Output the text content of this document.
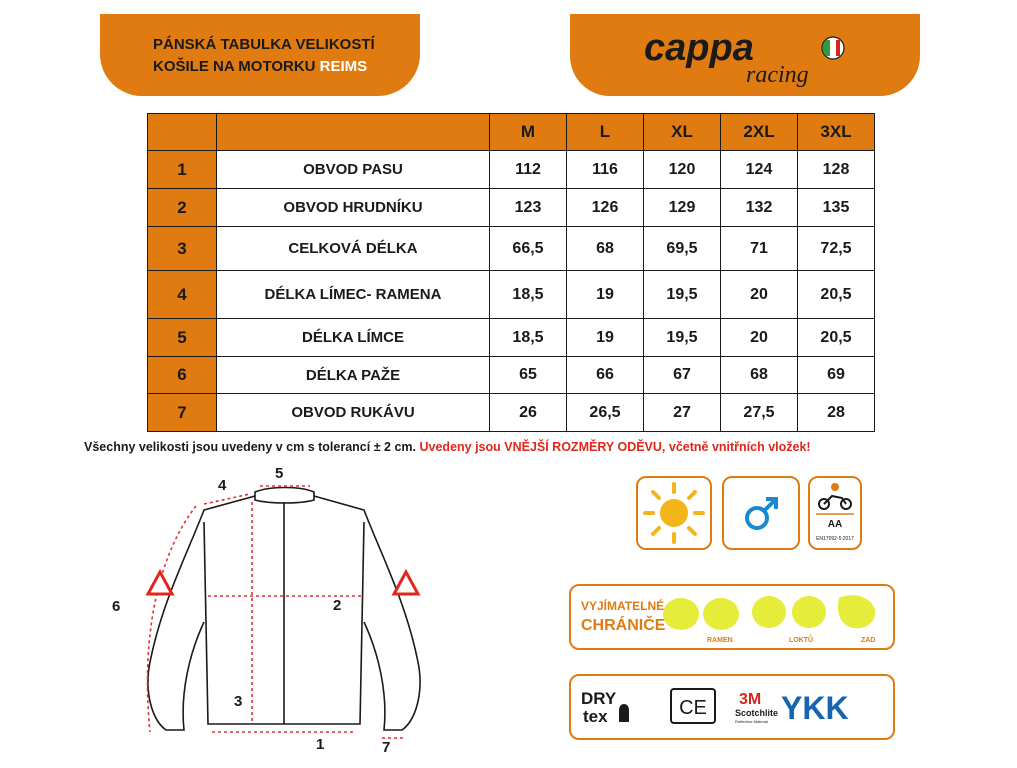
PÁNSKÁ TABULKA VELIKOSTÍ
KOŠILE NA MOTORKU REIMS	cappa
racing
		M	L	XL	2XL	3XL
1	OBVOD PASU	112	116	120	124	128
2	OBVOD HRUDNÍKU	123	126	129	132	135
3	CELKOVÁ DÉLKA	66,5	68	69,5	71	72,5
4	DÉLKA LÍMEC- RAMENA	18,5	19	19,5	20	20,5
5	DÉLKA LÍMCE	18,5	19	19,5	20	20,5
6	DÉLKA PAŽE	65	66	67	68	69
7	OBVOD RUKÁVU	26	26,5	27	27,5	28
Všechny velikosti jsou uvedeny v cm s tolerancí ± 2 cm. Uvedeny jsou VNĚJŠÍ ROZMĚRY ODĚVU, včetně vnitřních vložek!
5
4
6	2
3
1	7
AA
EN17092-5:2017
VYJÍMATELNÉ
CHRÁNIČE
RAMEN	LOKTŮ	ZAD
DRY
tex	CE 3M
Scotchlite
Reflective Material YKK
